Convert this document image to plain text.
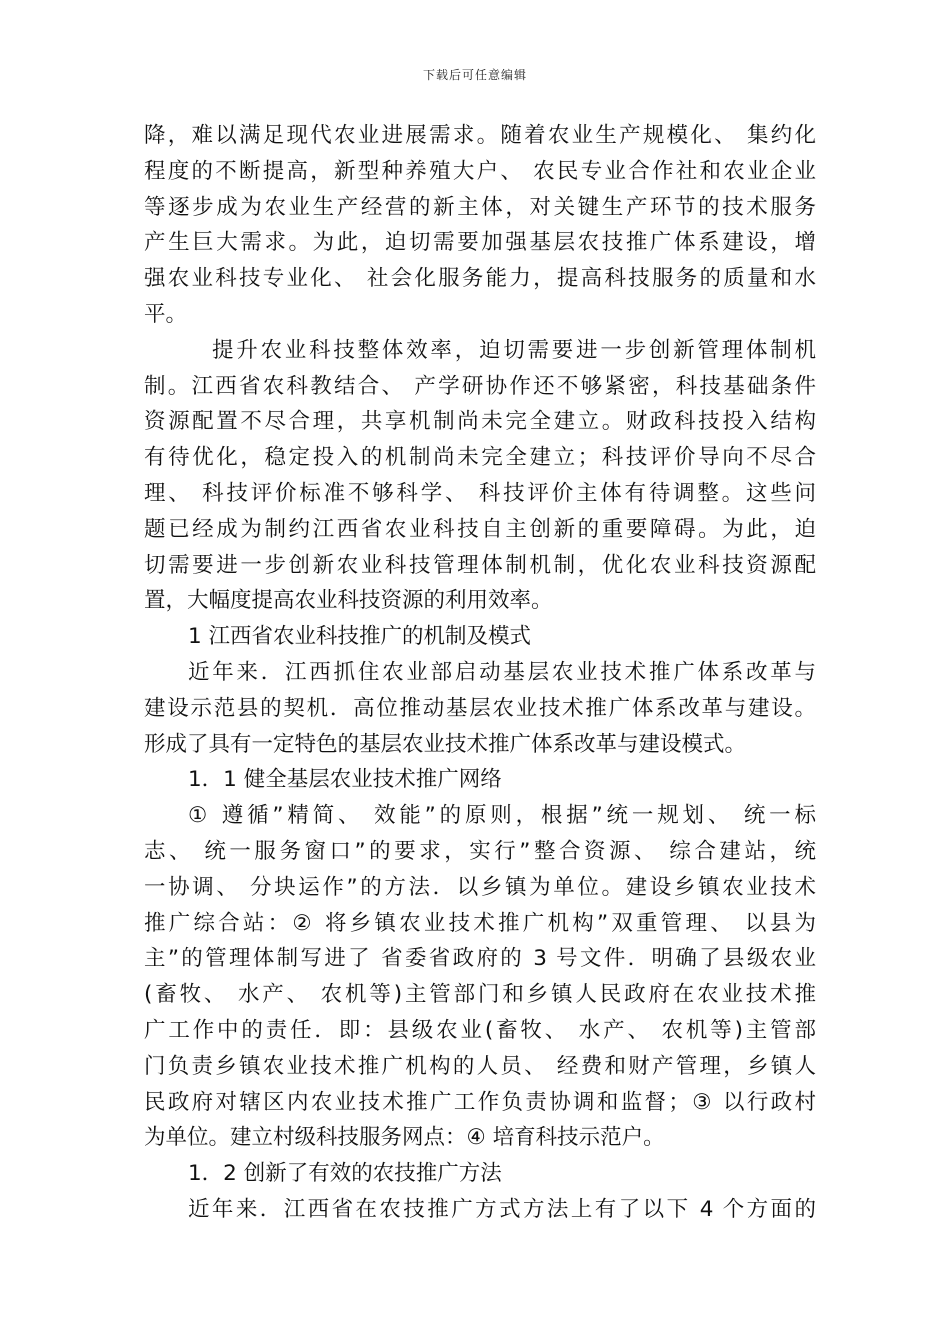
下载后可任意编辑
降，难以满足现代农业进展需求。随着农业生产规模化、 集约化
程度的不断提高，新型种养殖大户、 农民专业合作社和农业企业
等逐步成为农业生产经营的新主体，对关键生产环节的技术服务
产生巨大需求。为此，迫切需要加强基层农技推广体系建设，增
强农业科技专业化、 社会化服务能力，提高科技服务的质量和水
平。
提升农业科技整体效率，迫切需要进一步创新管理体制机
制。江西省农科教结合、 产学研协作还不够紧密，科技基础条件
资源配置不尽合理，共享机制尚未完全建立。财政科技投入结构
有待优化，稳定投入的机制尚未完全建立；科技评价导向不尽合
理、 科技评价标准不够科学、 科技评价主体有待调整。这些问
题已经成为制约江西省农业科技自主创新的重要障碍。为此，迫
切需要进一步创新农业科技管理体制机制，优化农业科技资源配
置，大幅度提高农业科技资源的利用效率。
1 江西省农业科技推广的机制及模式
近年来．江西抓住农业部启动基层农业技术推广体系改革与
建设示范县的契机．高位推动基层农业技术推广体系改革与建设。
形成了具有一定特色的基层农业技术推广体系改革与建设模式。
1．1 健全基层农业技术推广网络
① 遵循”精简、 效能”的原则，根据”统一规划、 统一标
志、 统一服务窗口”的要求，实行”整合资源、 综合建站，统
一协调、 分块运作”的方法．以乡镇为单位。建设乡镇农业技术
推广综合站：② 将乡镇农业技术推广机构”双重管理、 以县为
主”的管理体制写进了 省委省政府的 3 号文件．明确了县级农业
(畜牧、 水产、 农机等)主管部门和乡镇人民政府在农业技术推
广工作中的责任．即：县级农业(畜牧、 水产、 农机等)主管部
门负责乡镇农业技术推广机构的人员、 经费和财产管理，乡镇人
民政府对辖区内农业技术推广工作负责协调和监督；③ 以行政村
为单位。建立村级科技服务网点：④ 培育科技示范户。
1．2 创新了有效的农技推广方法
近年来．江西省在农技推广方式方法上有了以下 4 个方面的
